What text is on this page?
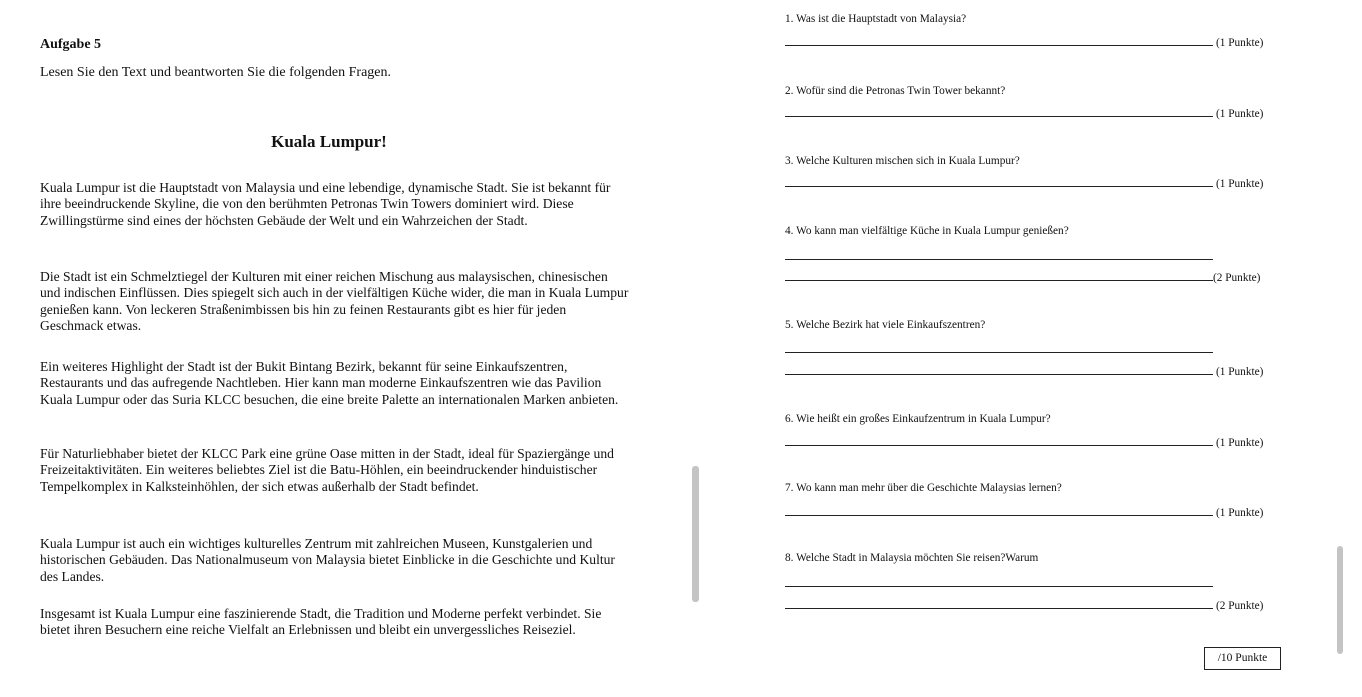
Aufgabe 5
Lesen Sie den Text und beantworten Sie die folgenden Fragen.
Kuala Lumpur!

Kuala Lumpur ist die Hauptstadt von Malaysia und eine lebendige, dynamische Stadt. Sie ist bekannt für ihre beeindruckende Skyline, die von den berühmten Petronas Twin Towers dominiert wird. Diese Zwillingstürme sind eines der höchsten Gebäude der Welt und ein Wahrzeichen der Stadt.

Die Stadt ist ein Schmelztiegel der Kulturen mit einer reichen Mischung aus malaysischen, chinesischen und indischen Einflüssen. Dies spiegelt sich auch in der vielfältigen Küche wider, die man in Kuala Lumpur genießen kann. Von leckeren Straßenimbissen bis hin zu feinen Restaurants gibt es hier für jeden Geschmack etwas.

Ein weiteres Highlight der Stadt ist der Bukit Bintang Bezirk, bekannt für seine Einkaufszentren, Restaurants und das aufregende Nachtleben. Hier kann man moderne Einkaufszentren wie das Pavilion Kuala Lumpur oder das Suria KLCC besuchen, die eine breite Palette an internationalen Marken anbieten.

Für Naturliebhaber bietet der KLCC Park eine grüne Oase mitten in der Stadt, ideal für Spaziergänge und Freizeitaktivitäten. Ein weiteres beliebtes Ziel ist die Batu-Höhlen, ein beeindruckender hinduistischer Tempelkomplex in Kalksteinhöhlen, der sich etwas außerhalb der Stadt befindet.

Kuala Lumpur ist auch ein wichtiges kulturelles Zentrum mit zahlreichen Museen, Kunstgalerien und historischen Gebäuden. Das Nationalmuseum von Malaysia bietet Einblicke in die Geschichte und Kultur des Landes.

Insgesamt ist Kuala Lumpur eine faszinierende Stadt, die Tradition und Moderne perfekt verbindet. Sie bietet ihren Besuchern eine reiche Vielfalt an Erlebnissen und bleibt ein unvergessliches Reiseziel.

1. Was ist die Hauptstadt von Malaysia?
(1 Punkte)
2. Wofür sind die Petronas Twin Tower bekannt?
(1 Punkte)
3. Welche Kulturen mischen sich in Kuala Lumpur?
(1 Punkte)
4. Wo kann man vielfältige Küche in Kuala Lumpur genießen?
(2 Punkte)
5. Welche Bezirk hat viele Einkaufszentren?
(1 Punkte)
6. Wie heißt ein großes Einkaufzentrum in Kuala Lumpur?
(1 Punkte)
7. Wo kann man mehr über die Geschichte Malaysias lernen?
(1 Punkte)
8. Welche Stadt in Malaysia möchten Sie reisen?Warum
(2 Punkte)
/10 Punkte
